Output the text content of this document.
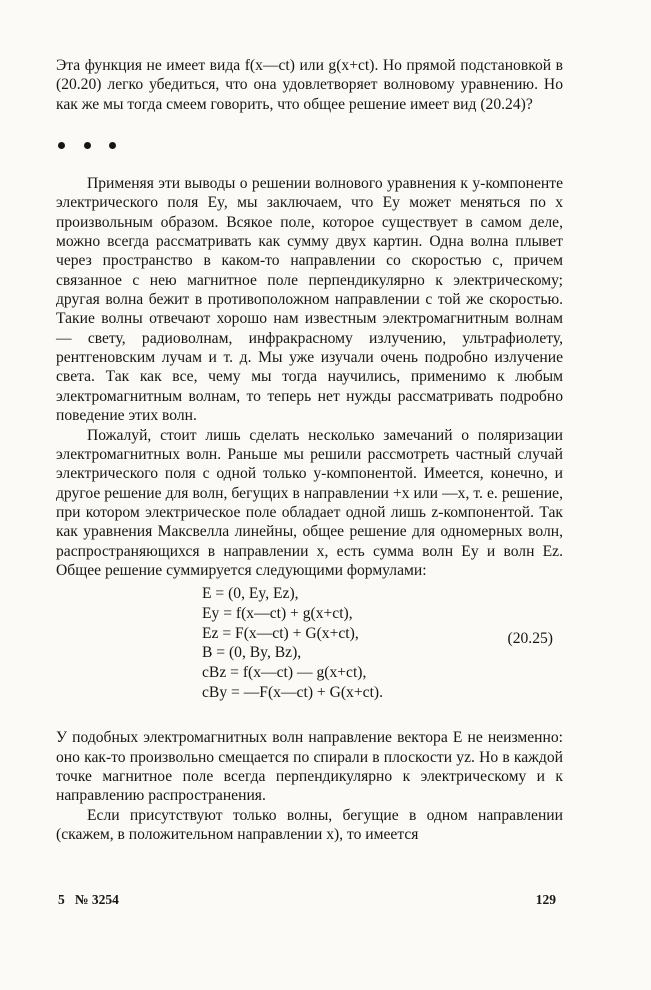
Эта функция не имеет вида f(x—ct) или g(x+ct). Но прямой подстановкой в (20.20) легко убедиться, что она удовлетворяет волновому уравнению. Но как же мы тогда смеем говорить, что общее решение имеет вид (20.24)?

Применяя эти выводы о решении волнового уравнения к y-компоненте электрического поля Ey, мы заключаем, что Ey может меняться по x произвольным образом. Всякое поле, которое существует в самом деле, можно всегда рассматривать как сумму двух картин. Одна волна плывет через пространство в каком-то направлении со скоростью c, причем связанное с нею магнитное поле перпендикулярно к электрическому; другая волна бежит в противоположном направлении с той же скоростью. Такие волны отвечают хорошо нам известным электромагнитным волнам — свету, радиоволнам, инфракрасному излучению, ультрафиолету, рентгеновским лучам и т. д. Мы уже изучали очень подробно излучение света. Так как все, чему мы тогда научились, применимо к любым электромагнитным волнам, то теперь нет нужды рассматривать подробно поведение этих волн.

Пожалуй, стоит лишь сделать несколько замечаний о поляризации электромагнитных волн. Раньше мы решили рассмотреть частный случай электрического поля с одной только y-компонентой. Имеется, конечно, и другое решение для волн, бегущих в направлении +x или —x, т. е. решение, при котором электрическое поле обладает одной лишь z-компонентой. Так как уравнения Максвелла линейны, общее решение для одномерных волн, распространяющихся в направлении x, есть сумма волн Ey и волн Ez. Общее решение суммируется следующими формулами:

E = (0, Ey, Ez),
Ey = f(x—ct) + g(x+ct),
Ez = F(x—ct) + G(x+ct),
B = (0, By, Bz),
cBz = f(x—ct) — g(x+ct),
cBy = —F(x—ct) + G(x+ct).
(20.25)

У подобных электромагнитных волн направление вектора E не неизменно: оно как-то произвольно смещается по спирали в плоскости yz. Но в каждой точке магнитное поле всегда перпендикулярно к электрическому и к направлению распространения.

Если присутствуют только волны, бегущие в одном направлении (скажем, в положительном направлении x), то имеется

5   № 3254	129
